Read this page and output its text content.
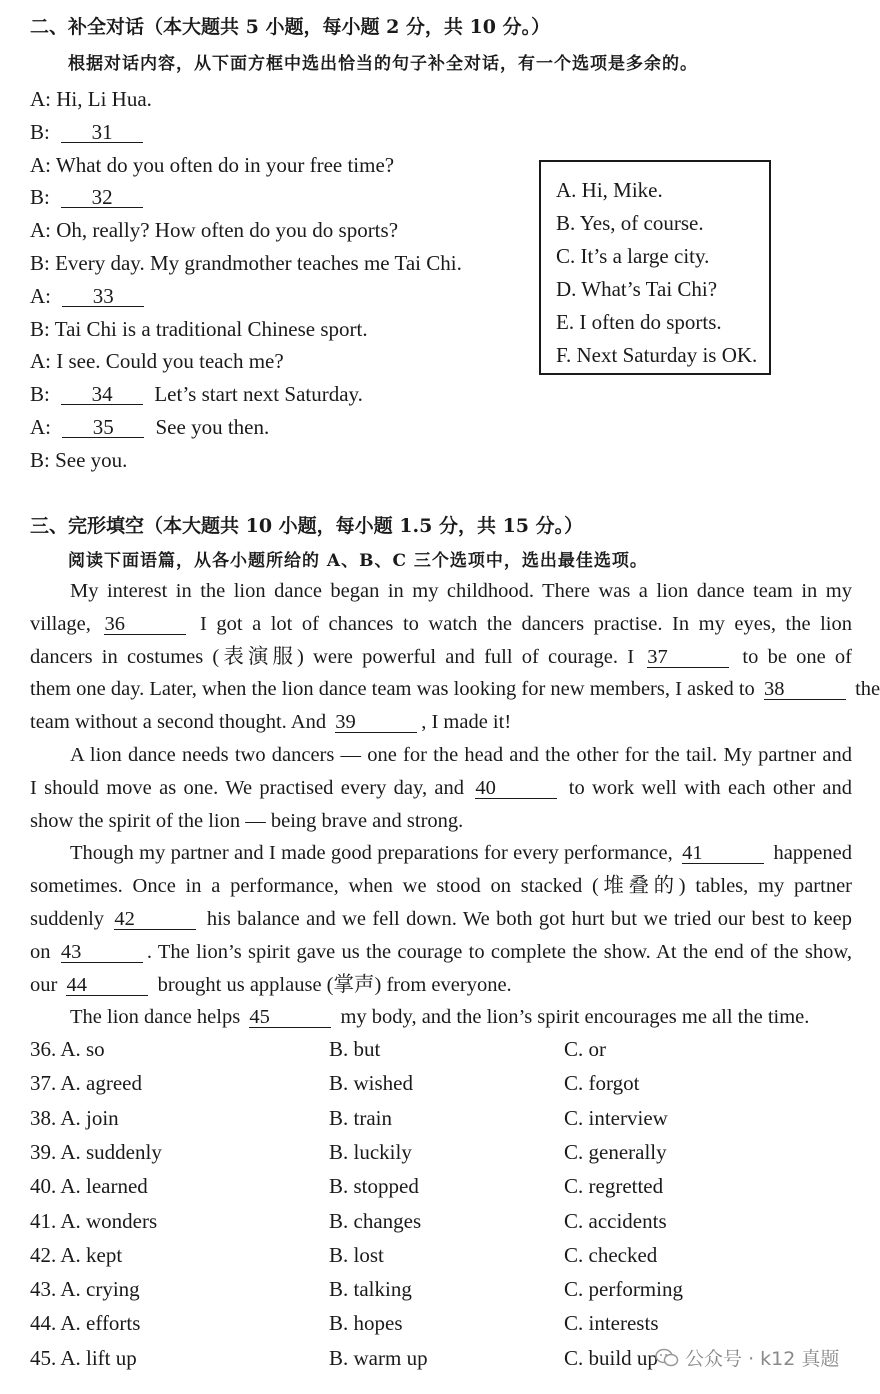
二、补全对话（本大题共 5 小题，每小题 2 分，共 10 分。）
根据对话内容，从下面方框中选出恰当的句子补全对话，有一个选项是多余的。
A: Hi, Li Hua.
B: 31
A: What do you often do in your free time?
B: 32
A: Oh, really? How often do you do sports?
B: Every day. My grandmother teaches me Tai Chi.
A: 33
B: Tai Chi is a traditional Chinese sport.
A: I see. Could you teach me?
B: 34 Let’s start next Saturday.
A: 35 See you then.
B: See you.
A. Hi, Mike.
B. Yes, of course.
C. It’s a large city.
D. What’s Tai Chi?
E. I often do sports.
F. Next Saturday is OK.
三、完形填空（本大题共 10 小题，每小题 1.5 分，共 15 分。）
阅读下面语篇，从各小题所给的 A、B、C 三个选项中，选出最佳选项。
My interest in the lion dance began in my childhood. There was a lion dance team in my
village, 36	I got a lot of chances to watch the dancers practise. In my eyes, the lion
dancers in costumes (表演服) were powerful and full of courage. I 37	to be one of
them one day. Later, when the lion dance team was looking for new members, I asked to 38	the
team without a second thought. And 39	, I made it!
A lion dance needs two dancers — one for the head and the other for the tail. My partner and
I should move as one. We practised every day, and 40	to work well with each other and
show the spirit of the lion — being brave and strong.
Though my partner and I made good preparations for every performance, 41	happened
sometimes. Once in a performance, when we stood on stacked (堆叠的) tables, my partner
suddenly 42	his balance and we fell down. We both got hurt but we tried our best to keep
on 43	. The lion’s spirit gave us the courage to complete the show. At the end of the show,
our 44	brought us applause (掌声) from everyone.
The lion dance helps 45	my body, and the lion’s spirit encourages me all the time.
36. A. so	B. but	C. or
37. A. agreed	B. wished	C. forgot
38. A. join	B. train	C. interview
39. A. suddenly	B. luckily	C. generally
40. A. learned	B. stopped	C. regretted
41. A. wonders	B. changes	C. accidents
42. A. kept	B. lost	C. checked
43. A. crying	B. talking	C. performing
44. A. efforts	B. hopes	C. interests
45. A. lift up	B. warm up	C. build up	公众号 · k12 真题
